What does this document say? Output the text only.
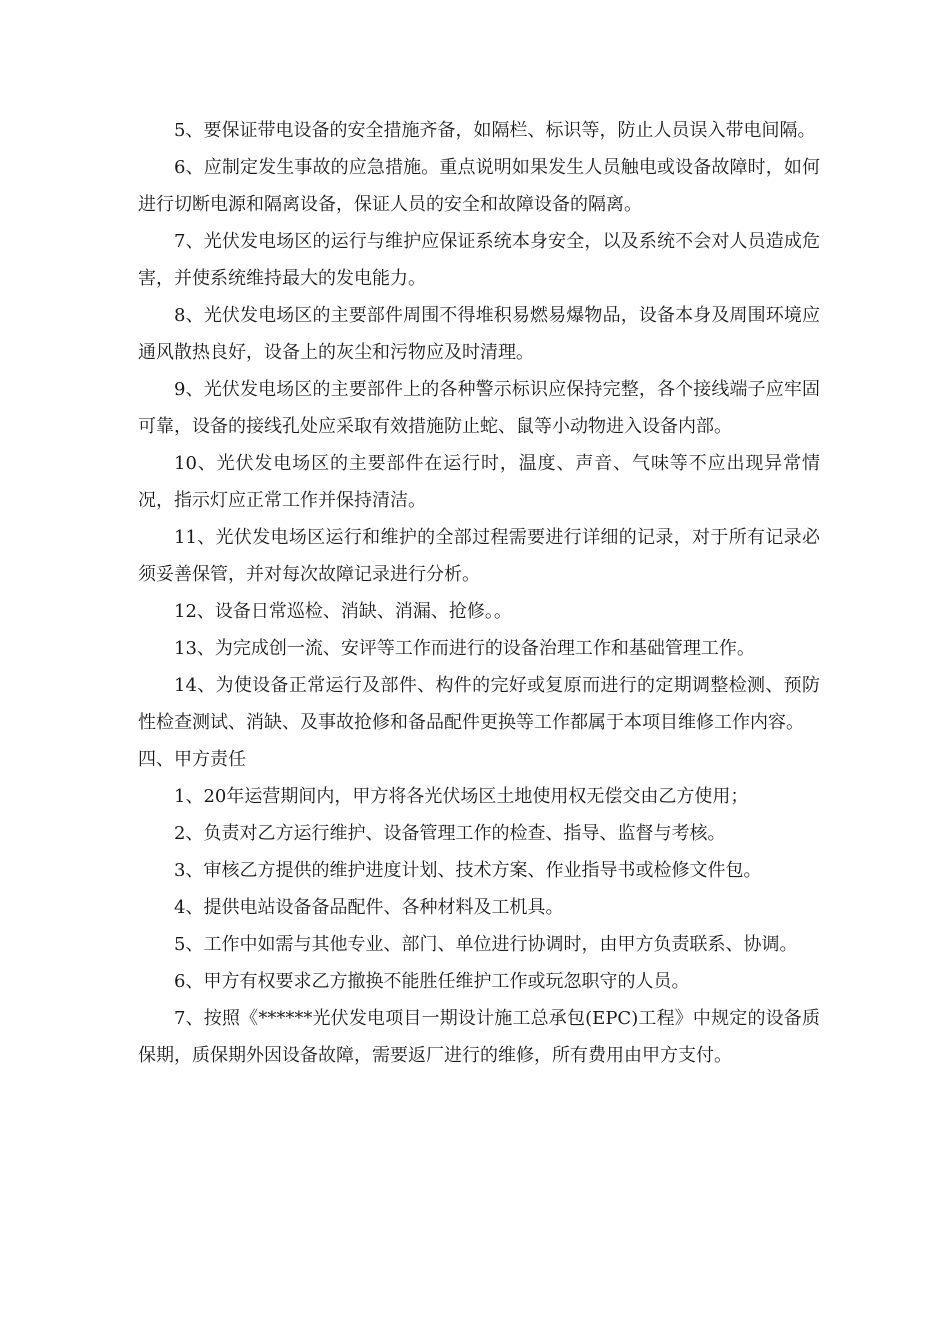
5、要保证带电设备的安全措施齐备，如隔栏、标识等，防止人员误入带电间隔。

6、应制定发生事故的应急措施。重点说明如果发生人员触电或设备故障时，如何进行切断电源和隔离设备，保证人员的安全和故障设备的隔离。

7、光伏发电场区的运行与维护应保证系统本身安全，以及系统不会对人员造成危害，并使系统维持最大的发电能力。

8、光伏发电场区的主要部件周围不得堆积易燃易爆物品，设备本身及周围环境应通风散热良好，设备上的灰尘和污物应及时清理。

9、光伏发电场区的主要部件上的各种警示标识应保持完整，各个接线端子应牢固可靠，设备的接线孔处应采取有效措施防止蛇、鼠等小动物进入设备内部。

10、光伏发电场区的主要部件在运行时，温度、声音、气味等不应出现异常情况，指示灯应正常工作并保持清洁。

11、光伏发电场区运行和维护的全部过程需要进行详细的记录，对于所有记录必须妥善保管，并对每次故障记录进行分析。

12、设备日常巡检、消缺、消漏、抢修。。

13、为完成创一流、安评等工作而进行的设备治理工作和基础管理工作。

14、为使设备正常运行及部件、构件的完好或复原而进行的定期调整检测、预防性检查测试、消缺、及事故抢修和备品配件更换等工作都属于本项目维修工作内容。

四、甲方责任

1、20年运营期间内，甲方将各光伏场区土地使用权无偿交由乙方使用；

2、负责对乙方运行维护、设备管理工作的检查、指导、监督与考核。

3、审核乙方提供的维护进度计划、技术方案、作业指导书或检修文件包。

4、提供电站设备备品配件、各种材料及工机具。

5、工作中如需与其他专业、部门、单位进行协调时，由甲方负责联系、协调。

6、甲方有权要求乙方撤换不能胜任维护工作或玩忽职守的人员。

7、按照《******光伏发电项目一期设计施工总承包(EPC)工程》中规定的设备质保期，质保期外因设备故障，需要返厂进行的维修，所有费用由甲方支付。
